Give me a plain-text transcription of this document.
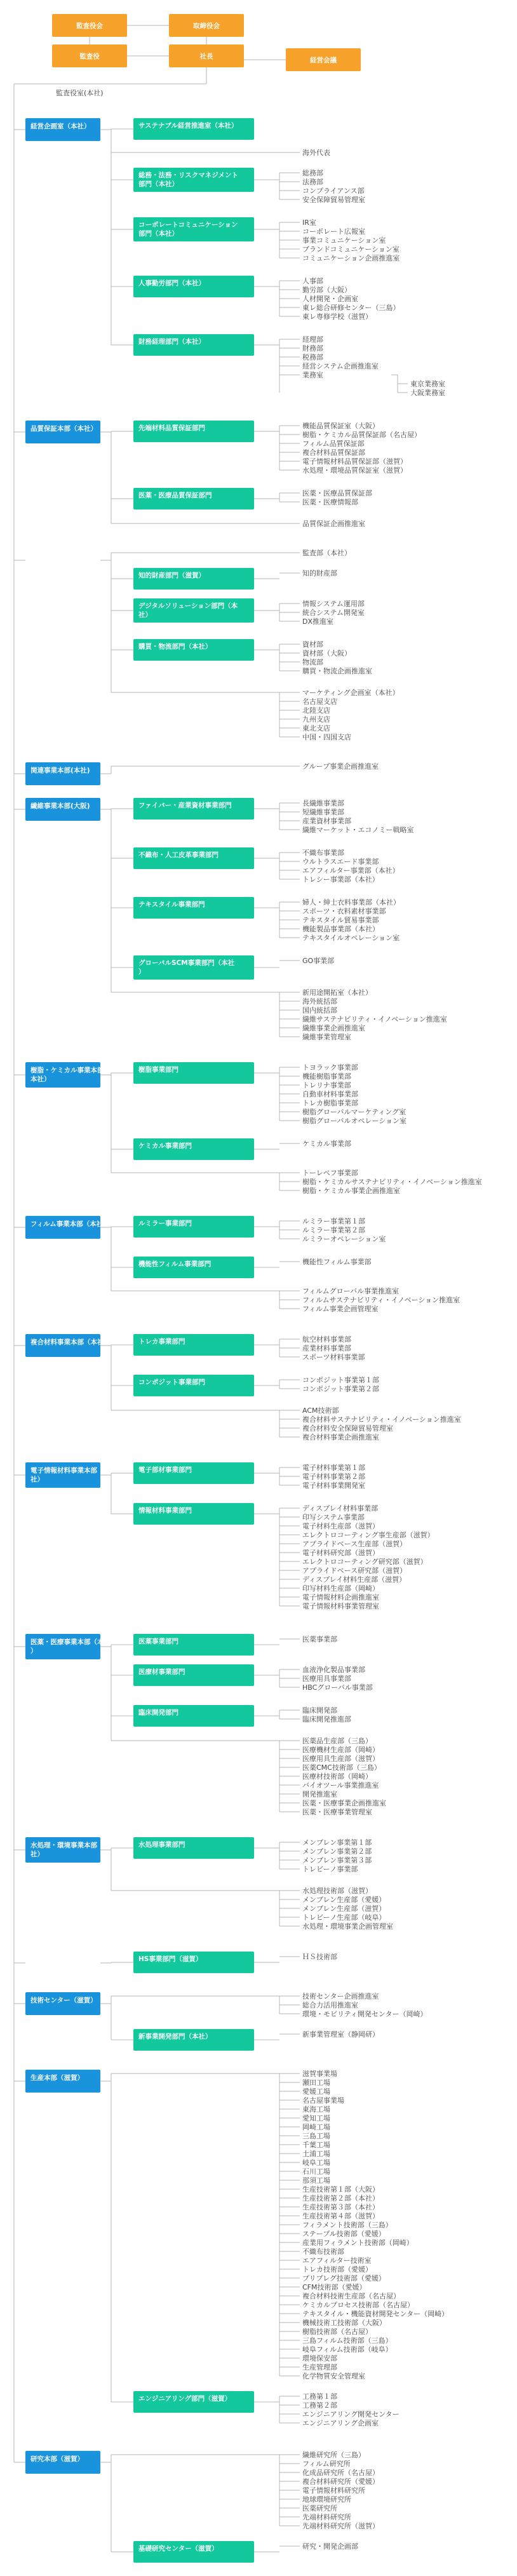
監査役会	取締役会
監査役	社長	経営会議
経営企画室（本社）
品質保証本部（本社）
関連事業本部(本社)
繊維事業本部(大阪)
樹脂・ケミカル事業本部（
本社）
フィルム事業本部（本社）
複合材料事業本部（本社）
電子情報材料事業本部（本
社）
医薬・医療事業本部（本社
）
水処理・環境事業本部（本
社）
技術センター（滋賀）
生産本部（滋賀）
研究本部（滋賀）
サステナブル経営推進室（本社）
総務・法務・リスクマネジメント
部門（本社）
コーポレートコミュニケーション
部門（本社）
人事勤労部門（本社）
財務経理部門（本社）
先端材料品質保証部門
医薬・医療品質保証部門
知的財産部門（滋賀）
デジタルソリューション部門（本
社）
購買・物流部門（本社）
ファイバー・産業資材事業部門
不織布・人工皮革事業部門
テキスタイル事業部門
グローバルSCM事業部門（本社
）
樹脂事業部門
ケミカル事業部門
ルミラー事業部門
機能性フィルム事業部門
トレカ事業部門
コンポジット事業部門
電子部材事業部門
情報材料事業部門
医薬事業部門
医療材事業部門
臨床開発部門
水処理事業部門
HS事業部門（滋賀）
新事業開発部門（本社）
エンジニアリング部門（滋賀）
基礎研究センター（滋賀）
監査役室(本社)
海外代表
総務部
法務部
コンプライアンス部
安全保障貿易管理室
IR室
コーポレート広報室
事業コミュニケーション室
ブランドコミュニケーション室
コミュニケーション企画推進室
人事部
勤労部（大阪）
人材開発・企画室
東レ総合研修センター（三島）
東レ専修学校（滋賀）
経理部
財務部
税務部
経営システム企画推進室
業務室
東京業務室
大阪業務室
機能品質保証室（大阪）
樹脂・ケミカル品質保証部（名古屋）
フィルム品質保証部
複合材料品質保証部
電子情報材料品質保証部（滋賀）
水処理・環境品質保証室（滋賀）
医薬・医療品質保証部
医薬・医療情報部
品質保証企画推進室
監査部（本社）
知的財産部
情報システム運用部
統合システム開発室
DX推進室
資材部
資材部（大阪）
物流部
購買・物流企画推進室
マーケティング企画室（本社）
名古屋支店
北陸支店
九州支店
東北支店
中国・四国支店
グループ事業企画推進室
長繊維事業部
短繊維事業部
産業資材事業部
繊維マーケット・エコノミー戦略室
不織布事業部
ウルトラスエード事業部
エアフィルター事業部（本社）
トレシー事業部（本社）
婦人・紳士衣料事業部（本社）
スポーツ・衣料素材事業部
テキスタイル貿易事業部
機能製品事業部（本社）
テキスタイルオペレーション室
GO事業部
新用途開拓室（本社）
海外統括部
国内統括部
繊維サステナビリティ・イノベーション推進室
繊維事業企画推進室
繊維事業管理室
トヨラック事業部
機能樹脂事業部
トレリナ事業部
自動車材料事業部
トレカ樹脂事業部
樹脂グローバルマーケティング室
樹脂グローバルオペレーション室
ケミカル事業部
トーレペフ事業部
樹脂・ケミカルサステナビリティ・イノベーション推進室
樹脂・ケミカル事業企画推進室
ルミラー事業第１部
ルミラー事業第２部
ルミラーオペレーション室
機能性フィルム事業部
フィルムグローバル事業推進室
フィルムサステナビリティ・イノベーション推進室
フィルム事業企画管理室
航空材料事業部
産業材料事業部
スポーツ材料事業部
コンポジット事業第１部
コンポジット事業第２部
ACM技術部
複合材料サステナビリティ・イノベーション推進室
複合材料安全保障貿易管理室
複合材料事業企画推進室
電子材料事業第１部
電子材料事業第２部
電子材料事業開発室
ディスプレイ材料事業部
印写システム事業部
電子材料生産部（滋賀）
エレクトロコーティング事生産部（滋賀）
アプライドベース生産部（滋賀）
電子材料研究部（滋賀）
エレクトロコーティング研究部（滋賀）
アプライドベース研究部（滋賀）
ディスプレイ材料生産部（滋賀）
印写材料生産部（岡崎）
電子情報材料企画推進室
電子情報材料事業管理室
医薬事業部
血液浄化製品事業部
医療用具事業部
HBCグローバル事業部
臨床開発部
臨床開発推進部
医薬品生産部（三島）
医療機材生産部（岡崎）
医療用具生産部（滋賀）
医薬CMC技術部（三島）
医療材技術部（岡崎）
バイオツール事業推進室
開発推進室
医薬・医療事業企画推進室
医薬・医療事業管理室
メンブレン事業第１部
メンブレン事業第２部
メンブレン事業第３部
トレビーノ事業部
水処理技術部（滋賀）
メンブレン生産部（愛媛）
メンブレン生産部（滋賀）
トレビーノ生産部（岐阜）
水処理・環境事業企画管理室
ＨＳ技術部
技術センター企画推進室
総合力活用推進室
環境・モビリティ開発センター（岡崎）
新事業管理室（静岡研）
滋賀事業場
瀬田工場
愛媛工場
名古屋事業場
東海工場
愛知工場
岡崎工場
三島工場
千葉工場
土浦工場
岐阜工場
石川工場
那須工場
生産技術第１部（大阪）
生産技術第２部（本社）
生産技術第３部（本社）
生産技術第４部（滋賀）
フィラメント技術部（三島）
ステープル技術部（愛媛）
産業用フィラメント技術部（岡崎）
不織布技術部
エアフィルター技術室
トレカ技術部（愛媛）
プリプレグ技術部（愛媛）
CFM技術部（愛媛）
複合材料技術生産部（名古屋）
ケミカルプロセス技術部（名古屋）
テキスタイル・機能資材開発センター（岡崎）
機械技術工技術部（大阪）
樹脂技術部（名古屋）
三島フィルム技術部（三島）
岐阜フィルム技術部（岐阜）
環境保安部
生産管理部
化学物質安全管理室
工務第１部
工務第２部
エンジニアリング開発センター
エンジニアリング企画室
繊維研究所（三島）
フィルム研究所
化成品研究所（名古屋）
複合材料研究所（愛媛）
電子情報材料研究所
地球環境研究所
医薬研究所
先端材料研究所
先端材料研究所（滋賀）
研究・開発企画部
